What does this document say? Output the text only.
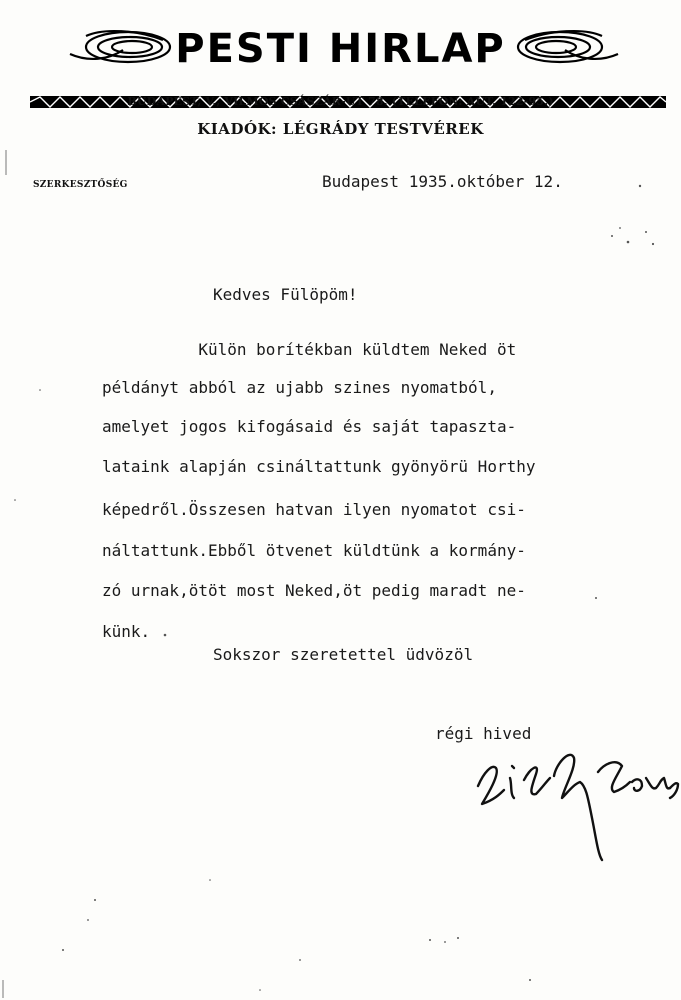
PESTI HIRLAP
BUDAPEST, V., VILMOS CSÁSZÁR-UT 78. (TELEFON: AUT. 122-95.)
KIADÓK: LÉGRÁDY TESTVÉREK
SZERKESZTŐSÉG	Budapest 1935.október 12.
Kedves Fülöpöm!
Külön borítékban küldtem Neked öt
példányt abból az ujabb szines nyomatból,
amelyet jogos kifogásaid és saját tapaszta-
lataink alapján csináltattunk gyönyörü Horthy
képedről.Összesen hatvan ilyen nyomatot csi-
náltattunk.Ebből ötvenet küldtünk a kormány-
zó urnak,ötöt most Neked,öt pedig maradt ne-
künk.
Sokszor szeretettel üdvözöl
régi hived
